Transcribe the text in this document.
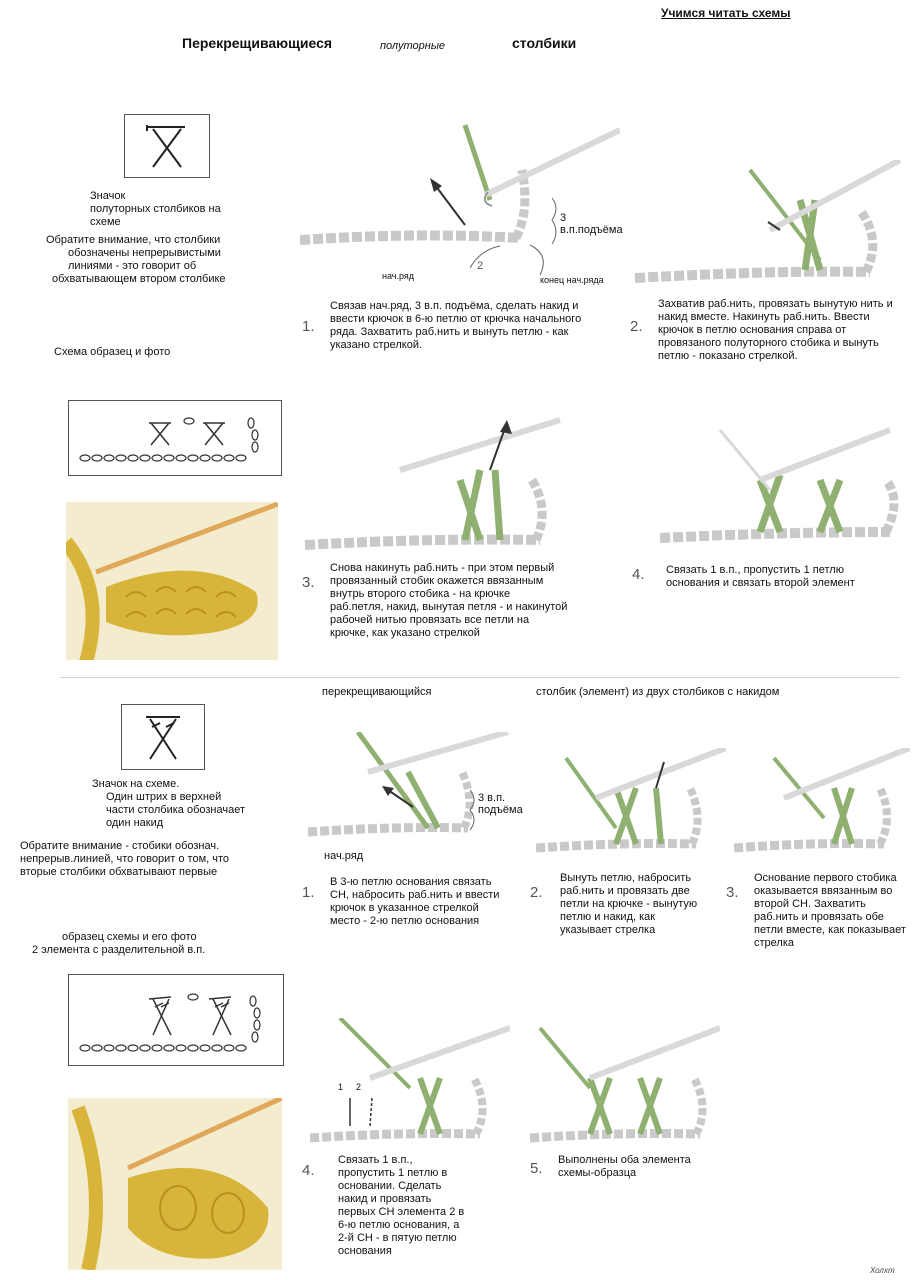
Учимся читать схемы
Перекрещивающиеся	полуторные	столбики
Значок
полуторных столбиков на
схеме
Обратите внимание, что столбики
обозначены непрерывистыми
линиями - это говорит об
обхватывающем втором столбике
Схема образец и фото
3 в.п.подъёма
2
нач.ряд	конец нач.ряда
1.
Связав нач.ряд, 3 в.п. подъёма, сделать накид и
ввести крючок в 6-ю петлю от крючка начального
ряда. Захватить раб.нить и вынуть петлю - как
указано стрелкой.
2.
Захватив раб.нить, провязать вынутую нить и
накид вместе. Накинуть раб.нить. Ввести
крючок в петлю основания справа от
провязаного полуторного стобика и вынуть
петлю - показано стрелкой.
3.
Снова накинуть раб.нить - при этом первый
провязанный стобик окажется ввязанным
внутрь второго стобика - на крючке
раб.петля, накид, вынутая петля - и накинутой
рабочей нитью провязать все петли на
крючке, как указано стрелкой
4. Связать 1 в.п., пропустить 1 петлю
основания и связать второй элемент
перекрещивающийся	столбик (элемент) из двух столбиков с накидом
Значок на схеме.
Один штрих в верхней
части столбика обозначает
один накид
Обратите внимание - стобики обознач.
непрерыв.линией, что говорит о том, что
вторые столбики обхватывают первые
образец схемы и его фото
2 элемента с разделительной в.п.
3 в.п.
подъёма
нач.ряд
1.
В 3-ю петлю основания связать
СН, набросить раб.нить и ввести
крючок в указанное стрелкой
место - 2-ю петлю основания
2.
Вынуть петлю, набросить
раб.нить и провязать две
петли на крючке - вынутую
петлю и накид, как
указывает стрелка
3.
Основание первого стобика
оказывается ввязанным во
второй СН. Захватить
раб.нить и провязать обе
петли вместе, как показывает
стрелка
1 2
4.
Связать 1 в.п.,
пропустить 1 петлю в
основании. Сделать
накид и провязать
первых СН элемента 2 в
6-ю петлю основания, а
2-й СН - в пятую петлю
основания
5. Выполнены оба элемента
схемы-образца
Холхт
